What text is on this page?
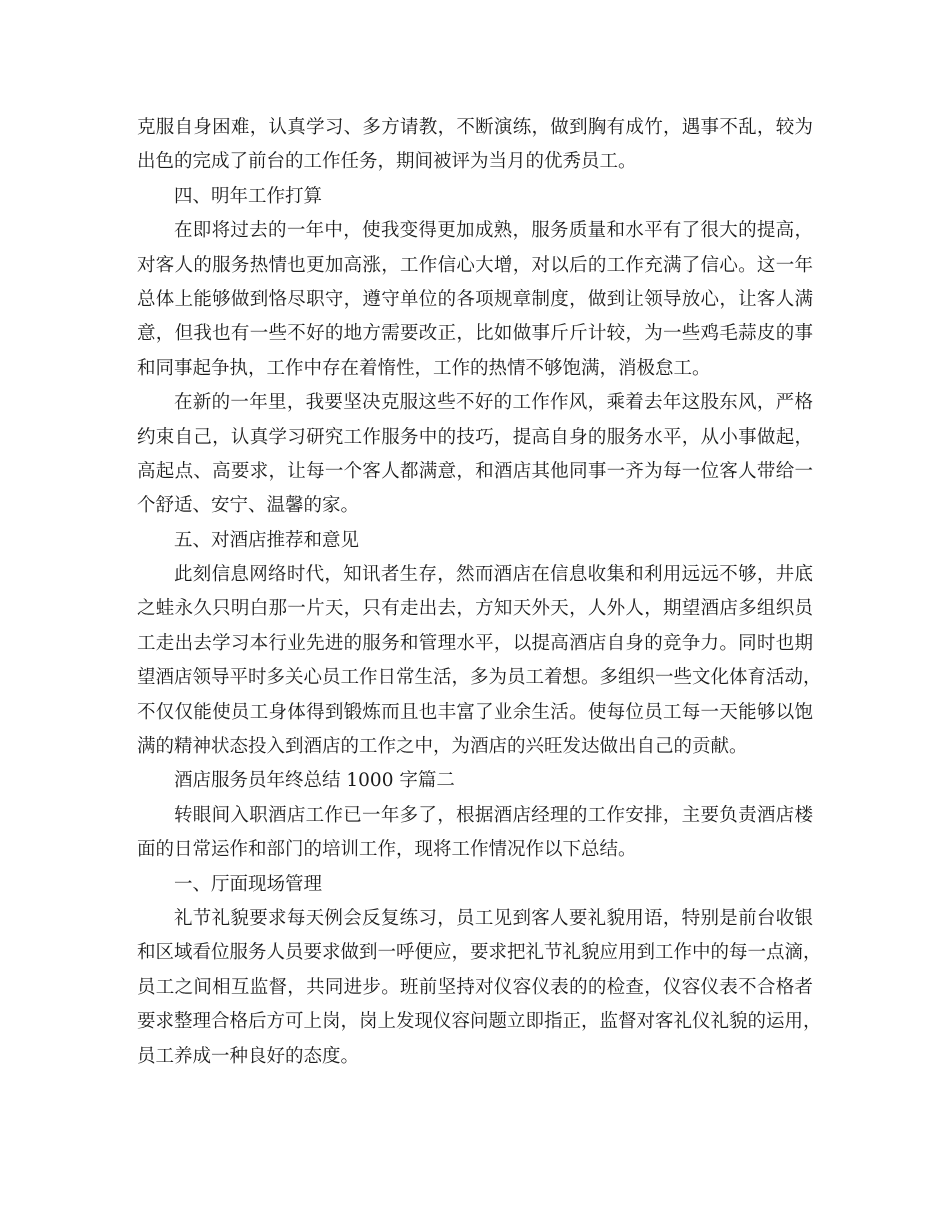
克服自身困难，认真学习、多方请教，不断演练，做到胸有成竹，遇事不乱，较为
出色的完成了前台的工作任务，期间被评为当月的优秀员工。
四、明年工作打算
在即将过去的一年中，使我变得更加成熟，服务质量和水平有了很大的提高，
对客人的服务热情也更加高涨，工作信心大增，对以后的工作充满了信心。这一年
总体上能够做到恪尽职守，遵守单位的各项规章制度，做到让领导放心，让客人满
意，但我也有一些不好的地方需要改正，比如做事斤斤计较，为一些鸡毛蒜皮的事
和同事起争执，工作中存在着惰性，工作的热情不够饱满，消极怠工。
在新的一年里，我要坚决克服这些不好的工作作风，乘着去年这股东风，严格
约束自己，认真学习研究工作服务中的技巧，提高自身的服务水平，从小事做起，
高起点、高要求，让每一个客人都满意，和酒店其他同事一齐为每一位客人带给一
个舒适、安宁、温馨的家。
五、对酒店推荐和意见
此刻信息网络时代，知讯者生存，然而酒店在信息收集和利用远远不够，井底
之蛙永久只明白那一片天，只有走出去，方知天外天，人外人，期望酒店多组织员
工走出去学习本行业先进的服务和管理水平，以提高酒店自身的竞争力。同时也期
望酒店领导平时多关心员工作日常生活，多为员工着想。多组织一些文化体育活动，
不仅仅能使员工身体得到锻炼而且也丰富了业余生活。使每位员工每一天能够以饱
满的精神状态投入到酒店的工作之中，为酒店的兴旺发达做出自己的贡献。
酒店服务员年终总结 1000 字篇二
转眼间入职酒店工作已一年多了，根据酒店经理的工作安排，主要负责酒店楼
面的日常运作和部门的培训工作，现将工作情况作以下总结。
一、厅面现场管理
礼节礼貌要求每天例会反复练习，员工见到客人要礼貌用语，特别是前台收银
和区域看位服务人员要求做到一呼便应，要求把礼节礼貌应用到工作中的每一点滴，
员工之间相互监督，共同进步。班前坚持对仪容仪表的的检查，仪容仪表不合格者
要求整理合格后方可上岗，岗上发现仪容问题立即指正，监督对客礼仪礼貌的运用，
员工养成一种良好的态度。
